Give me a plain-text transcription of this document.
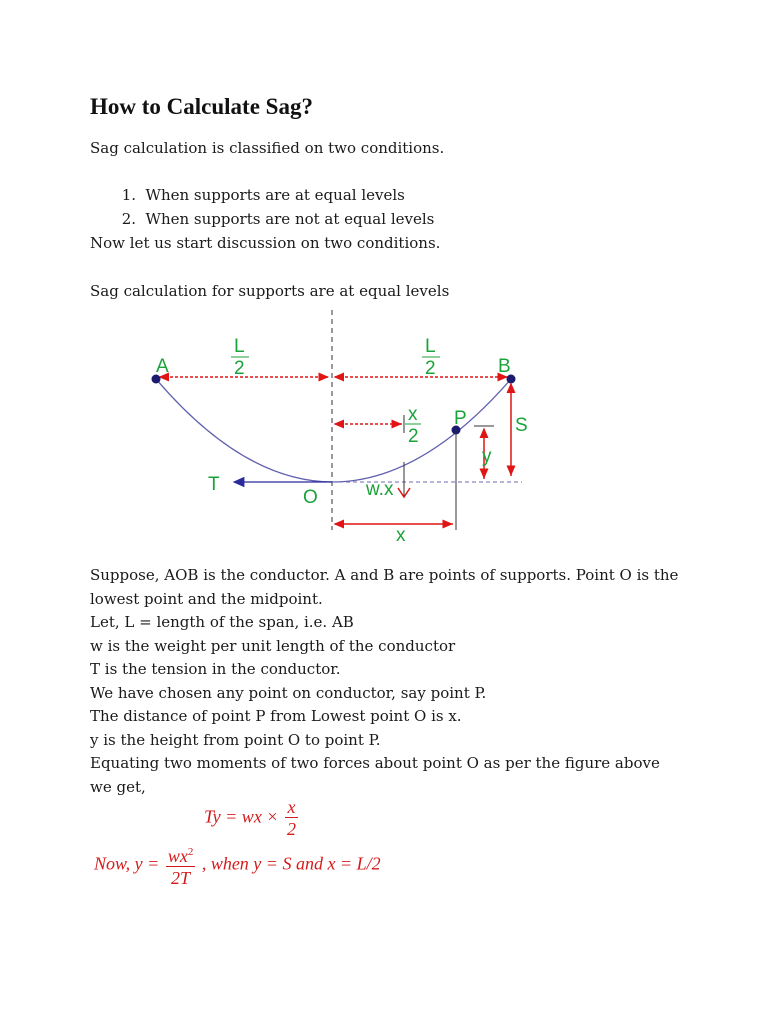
A	B
P	S
y
T
O	w.x
x
L
2
L
2
x
2
How to Calculate Sag?

Sag calculation is classified on two conditions.

1. When supports are at equal levels
2. When supports are not at equal levels

Now let us start discussion on two conditions.

Sag calculation for supports are at equal levels

Suppose, AOB is the conductor. A and B are points of supports. Point O is the lowest point and the midpoint.

Let, L = length of the span, i.e. AB

w is the weight per unit length of the conductor

T is the tension in the conductor.

We have chosen any point on conductor, say point P.

The distance of point P from Lowest point O is x.

y is the height from point O to point P.

Equating two moments of two forces about point O as per the figure above we get,

Ty = wx × $\frac{x}{2}$
Now, $y = \frac{wx^2}{2T}$ , when y = S and x = L/2
